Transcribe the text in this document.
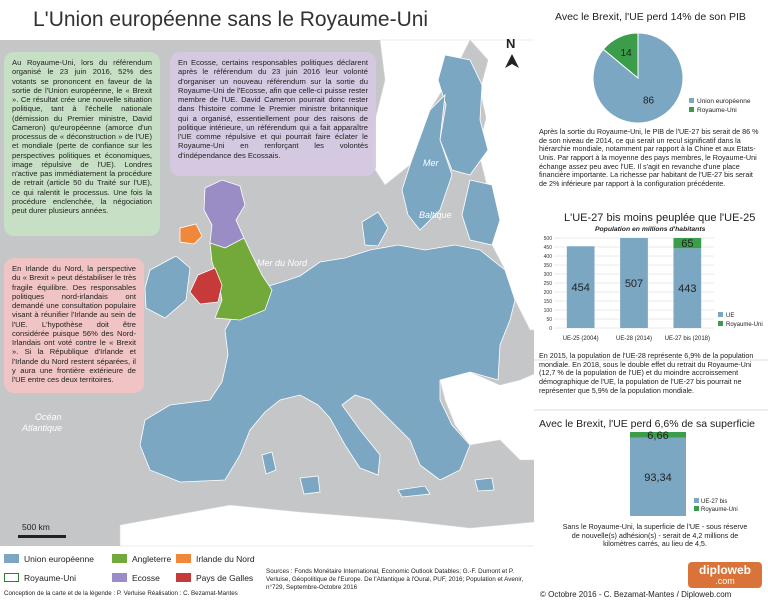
L'Union européenne sans le Royaume-Uni
Au Royaume-Uni, lors du référendum organisé le 23 juin 2016, 52% des votants se prononcent en faveur de la sortie de l'Union européenne, le « Brexit ». Ce résultat crée une nouvelle situation politique, tant à l'échelle nationale (démission du Premier ministre, David Cameron) qu'européenne (amorce d'un processus de « déconstruction » de l'UE) et mondiale (perte de confiance sur les perspectives politiques et économiques, image répulsive de l'UE). Londres n'active pas immédiatement la procédure de retrait (article 50 du Traité sur l'UE), ce qui ralentit le processus. Une fois la procédure enclenchée, la négociation peut durer plusieurs années.
En Ecosse, certains responsables politiques déclarent après le référendum du 23 juin 2016 leur volonté d'organiser un nouveau référendum sur la sortie du Royaume-Uni de l'Ecosse, afin que celle-ci puisse rester membre de l'UE. David Cameron pourrait donc rester dans l'histoire comme le Premier ministre britannique qui a organisé, essentiellement pour des raisons de politique intérieure, un référendum qui a fait apparaître l'UE comme répulsive et qui pourrait faire éclater le Royaume-Uni en renforçant les volontés d'indépendance des Ecossais.
En Irlande du Nord, la perspective du « Brexit » peut déstabiliser le très fragile équilibre. Des responsables politiques nord-irlandais ont demandé une consultation populaire visant à réunifier l'Irlande au sein de l'UE. L'hypothèse doit être considérée puisque 56% des Nord-Irlandais ont voté contre le « Brexit ». Si la République d'Irlande et l'Irlande du Nord restent séparées, il y aura une frontière extérieure de l'UE entre ces deux territoires.
Mer
Baltique
Mer du Nord
Océan
Atlantique
Mer Méditerranée
N
500 km
Avec le Brexit, l'UE perd 14% de son PIB
86
14
Union européenne
Royaume-Uni
Après la sortie du Royaume-Uni, le PIB de l'UE-27 bis serait de 86 % de son niveau de 2014, ce qui serait un recul significatif dans la hiérarchie mondiale, notamment par rapport à la Chine et aux Etats-Unis. Par rapport à la moyenne des pays membres, le Royaume-Uni échange assez peu avec l'UE. Il s'agit en revanche d'une place financière importante. La richesse par habitant de l'UE-27 bis serait de 2% inférieure par rapport à la configuration précédente.
L'UE-27 bis moins peuplée que l'UE-25
Population en millions d'habitants
0
50
100
150
200
250
300
350
400
450
500
454
UE-25 (2004)
507
UE-28 (2014)
443
65
UE-27 bis (2018)
UE
Royaume-Uni
En 2015, la population de l'UE-28 représente 6,9% de la population mondiale. En 2018, sous le double effet du retrait du Royaume-Uni (12,7 % de la population de l'UE) et du moindre accroissement démographique de l'UE, la population de l'UE-27 bis pourrait ne représenter que 5,9% de la population mondiale.
Avec le Brexit, l'UE perd 6,6% de sa superficie
93,34
6,66
UE-27 bis
Royaume-Uni
Sans le Royaume-Uni, la superficie de l'UE - sous réserve de nouvelle(s) adhésion(s) - serait de 4,2 millions de kilomètres carrés, au lieu de 4,5.
Union européenne	Angleterre	Irlande du Nord
Royaume-Uni	Ecosse	Pays de Galles
Conception de la carte et de la légende : P. Verluise Réalisation : C. Bezamat-Mantes
Sources : Fonds Monétaire International, Economic Outlook Datables; G.-F. Dumont et P. Verluise, Géopolitique de l'Europe. De l'Atlantique à l'Oural, PUF, 2016; Population et Avenir, n°729, Septembre-Octobre 2016
diploweb
.com
© Octobre 2016 - C. Bezamat-Mantes / Diploweb.com
